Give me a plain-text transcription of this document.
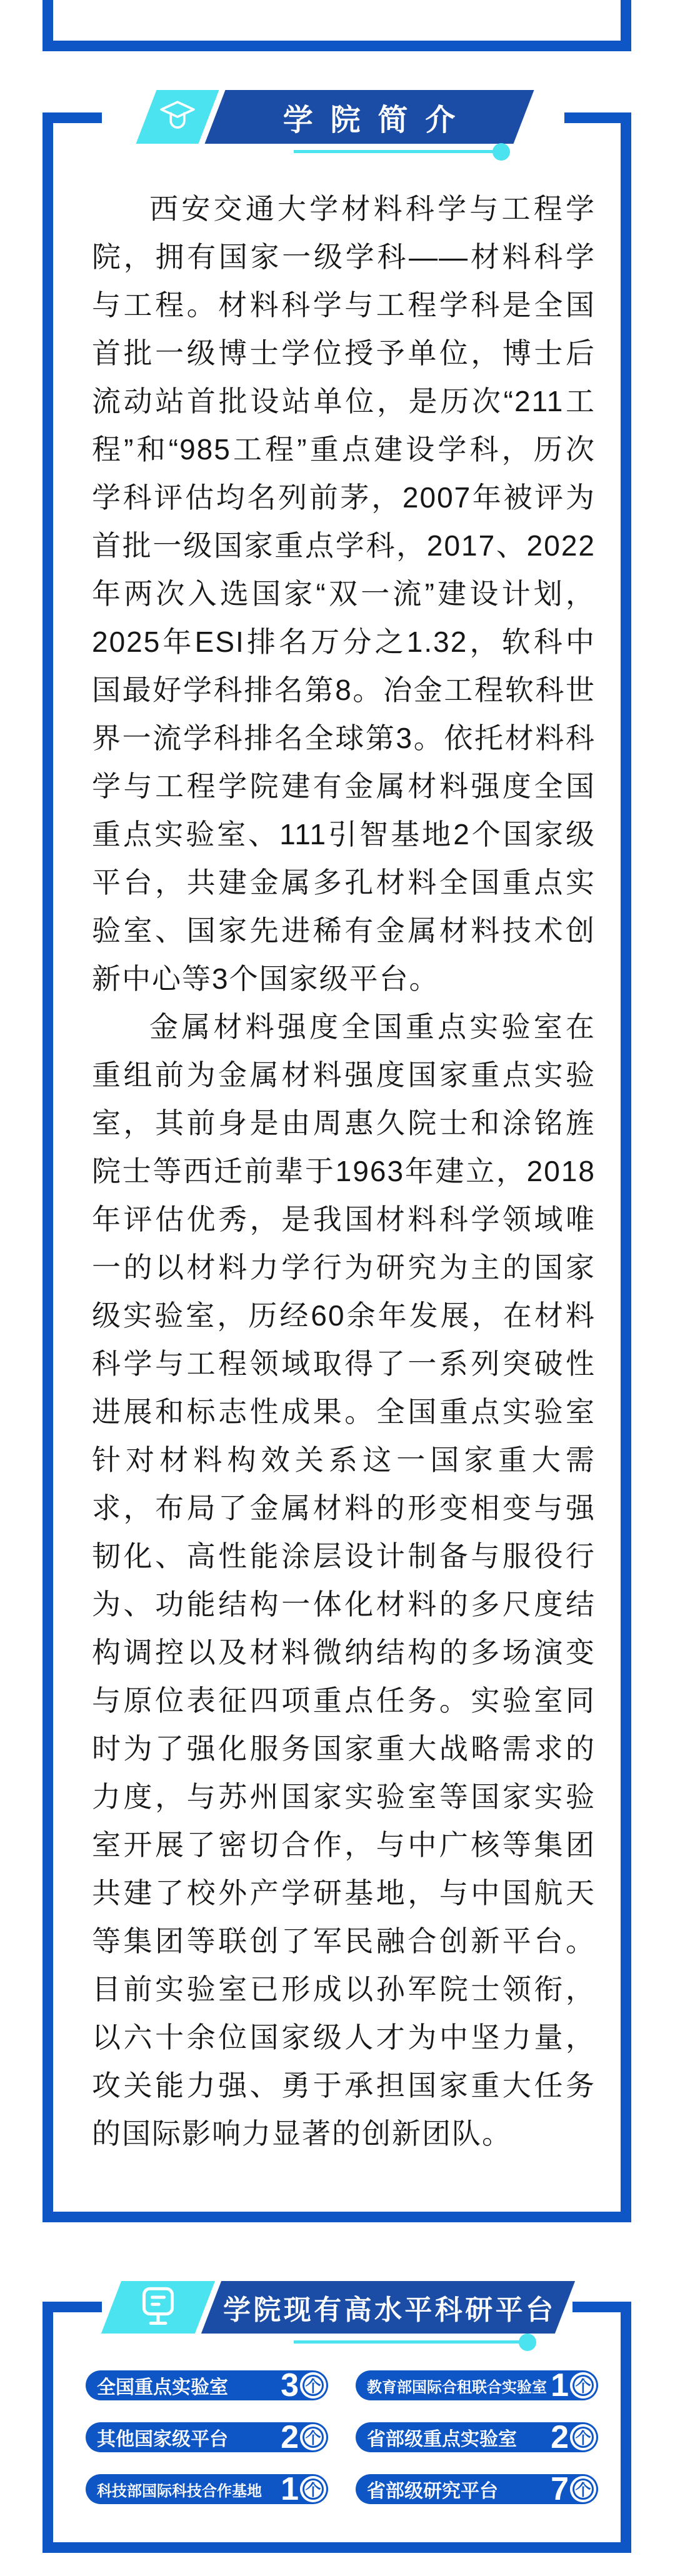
学院简介

西安交通大学材料科学与工程学院，拥有国家一级学科——材料科学与工程。材料科学与工程学科是全国首批一级博士学位授予单位，博士后流动站首批设站单位，是历次“211工程”和“985工程”重点建设学科，历次学科评估均名列前茅，2007年被评为首批一级国家重点学科，2017、2022年两次入选国家“双一流”建设计划，2025年ESI排名万分之1.32，软科中国最好学科排名第8。冶金工程软科世界一流学科排名全球第3。依托材料科学与工程学院建有金属材料强度全国重点实验室、111引智基地2个国家级平台，共建金属多孔材料全国重点实验室、国家先进稀有金属材料技术创新中心等3个国家级平台。

金属材料强度全国重点实验室在重组前为金属材料强度国家重点实验室，其前身是由周惠久院士和涂铭旌院士等西迁前辈于1963年建立，2018年评估优秀，是我国材料科学领域唯一的以材料力学行为研究为主的国家级实验室，历经60余年发展，在材料科学与工程领域取得了一系列突破性进展和标志性成果。全国重点实验室针对材料构效关系这一国家重大需求，布局了金属材料的形变相变与强韧化、高性能涂层设计制备与服役行为、功能结构一体化材料的多尺度结构调控以及材料微纳结构的多场演变与原位表征四项重点任务。实验室同时为了强化服务国家重大战略需求的力度，与苏州国家实验室等国家实验室开展了密切合作，与中广核等集团共建了校外产学研基地，与中国航天等集团等联创了军民融合创新平台。目前实验室已形成以孙军院士领衔，以六十余位国家级人才为中坚力量，攻关能力强、勇于承担国家重大任务的国际影响力显著的创新团队。

学院现有高水平科研平台
全国重点实验室 3 个	教育部国际合租联合实验室 1 个
其他国家级平台 2 个 省部级重点实验室 2 个
科技部国际科技合作基地 1 个 省部级研究平台 7 个
